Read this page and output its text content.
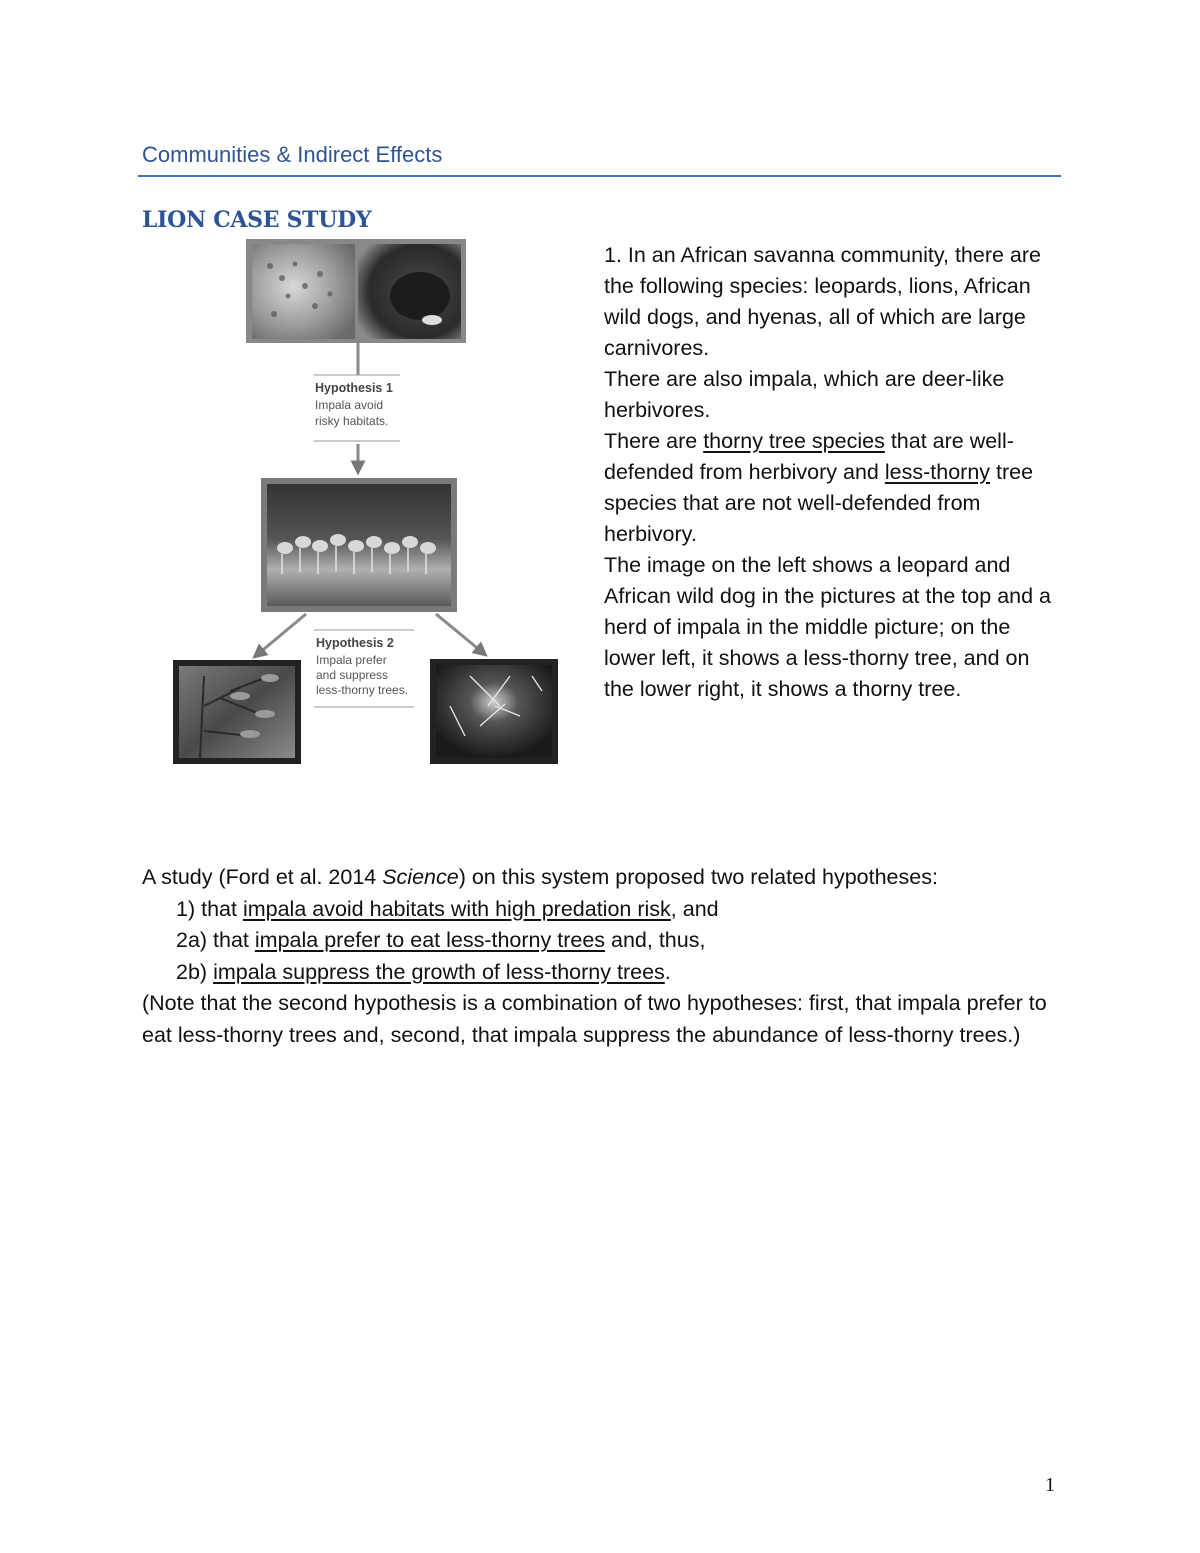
Communities & Indirect Effects
LION CASE STUDY
Hypothesis 1
Impala avoid
risky habitats.
Hypothesis 2
Impala prefer
and suppress
less-thorny trees.

1. In an African savanna community, there are the following species: leopards, lions, African wild dogs, and hyenas, all of which are large carnivores.

There are also impala, which are deer-like herbivores.

There are thorny tree species that are well-defended from herbivory and less-thorny tree species that are not well-defended from herbivory.

The image on the left shows a leopard and African wild dog in the pictures at the top and a herd of impala in the middle picture; on the lower left, it shows a less-thorny tree, and on the lower right, it shows a thorny tree.

A study (Ford et al. 2014 Science) on this system proposed two related hypotheses:

1) that impala avoid habitats with high predation risk, and

2a) that impala prefer to eat less-thorny trees and, thus,

2b) impala suppress the growth of less-thorny trees.

(Note that the second hypothesis is a combination of two hypotheses: first, that impala prefer to eat less-thorny trees and, second, that impala suppress the abundance of less-thorny trees.)

1
